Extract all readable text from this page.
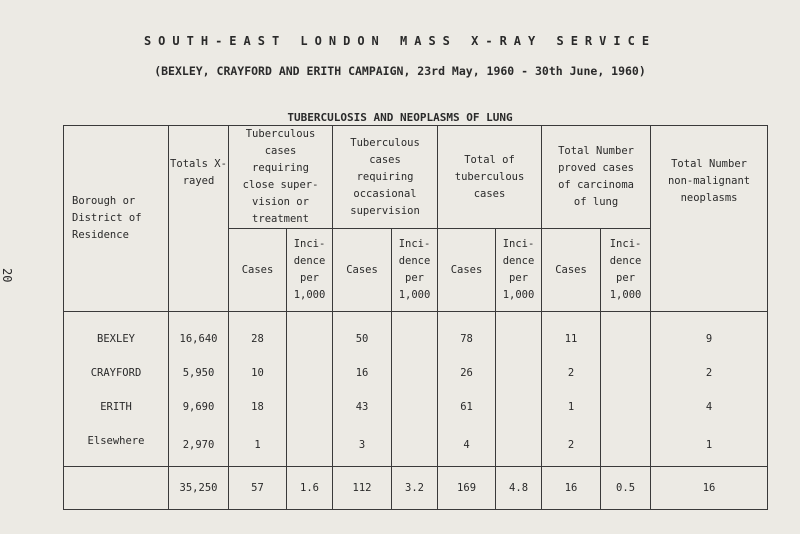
20
SOUTH-EAST LONDON MASS X-RAY SERVICE
(BEXLEY, CRAYFORD AND ERITH CAMPAIGN, 23rd May, 1960 - 30th June, 1960)
TUBERCULOSIS AND NEOPLASMS OF LUNG
Borough or District of Residence	Totals X-rayed	Tuberculous cases requiring close super- vision or treatment		Tuberculous cases requiring occasional supervision		Total of tuberculous cases		Total Number proved cases of carcinoma of lung		Total Number non-malignant neoplasms
		Cases	Inci- dence per 1,000	Cases	Inci- dence per 1,000	Cases	Inci- dence per 1,000	Cases	Inci- dence per 1,000	
BEXLEY	16,640	28		50		78		11		9
CRAYFORD	5,950	10		16		26		2		2
ERITH	9,690	18		43		61		1		4
Elsewhere	2,970	1		3		4		2		1
	35,250	57	1.6	112	3.2	169	4.8	16	0.5	16
